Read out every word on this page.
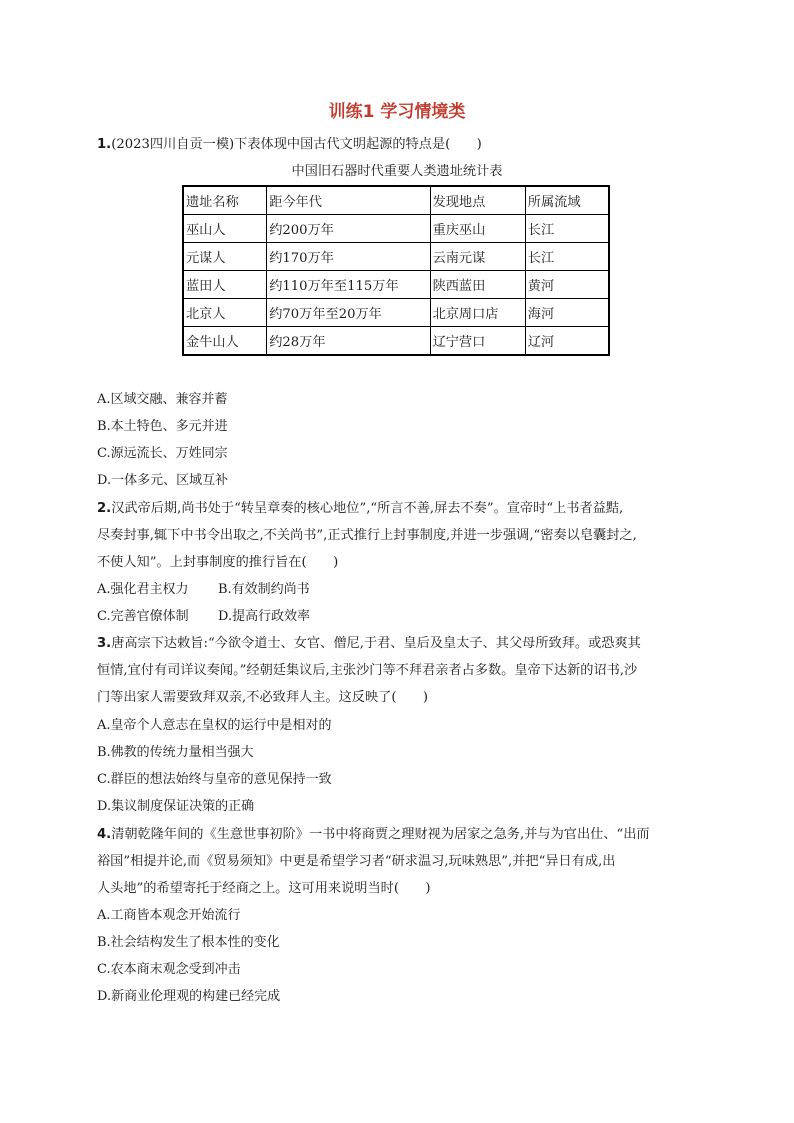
训练1 学习情境类
1.(2023四川自贡一模)下表体现中国古代文明起源的特点是(　　)
中国旧石器时代重要人类遗址统计表
遗址名称	距今年代	发现地点	所属流域
巫山人	约200万年	重庆巫山	长江
元谋人	约170万年	云南元谋	长江
蓝田人	约110万年至115万年	陕西蓝田	黄河
北京人	约70万年至20万年	北京周口店	海河
金牛山人	约28万年	辽宁营口	辽河
A.区域交融、兼容并蓄
B.本土特色、多元并进
C.源远流长、万姓同宗
D.一体多元、区域互补
2.汉武帝后期,尚书处于“转呈章奏的核心地位”,“所言不善,屏去不奏”。宣帝时“上书者益黠,
尽奏封事,辄下中书令出取之,不关尚书”,正式推行上封事制度,并进一步强调,“密奏以皂囊封之,
不使人知”。上封事制度的推行旨在(　　)
A.强化君主权力 B.有效制约尚书
C.完善官僚体制 D.提高行政效率
3.唐高宗下达敕旨:“今欲令道士、女官、僧尼,于君、皇后及皇太子、其父母所致拜。或恐爽其
恒情,宜付有司详议奏闻。”经朝廷集议后,主张沙门等不拜君亲者占多数。皇帝下达新的诏书,沙
门等出家人需要致拜双亲,不必致拜人主。这反映了(　　)
A.皇帝个人意志在皇权的运行中是相对的
B.佛教的传统力量相当强大
C.群臣的想法始终与皇帝的意见保持一致
D.集议制度保证决策的正确
4.清朝乾隆年间的《生意世事初阶》一书中将商贾之理财视为居家之急务,并与为官出仕、“出而
裕国”相提并论,而《贸易须知》中更是希望学习者“研求温习,玩味熟思”,并把“异日有成,出
人头地”的希望寄托于经商之上。这可用来说明当时(　　)
A.工商皆本观念开始流行
B.社会结构发生了根本性的变化
C.农本商末观念受到冲击
D.新商业伦理观的构建已经完成
